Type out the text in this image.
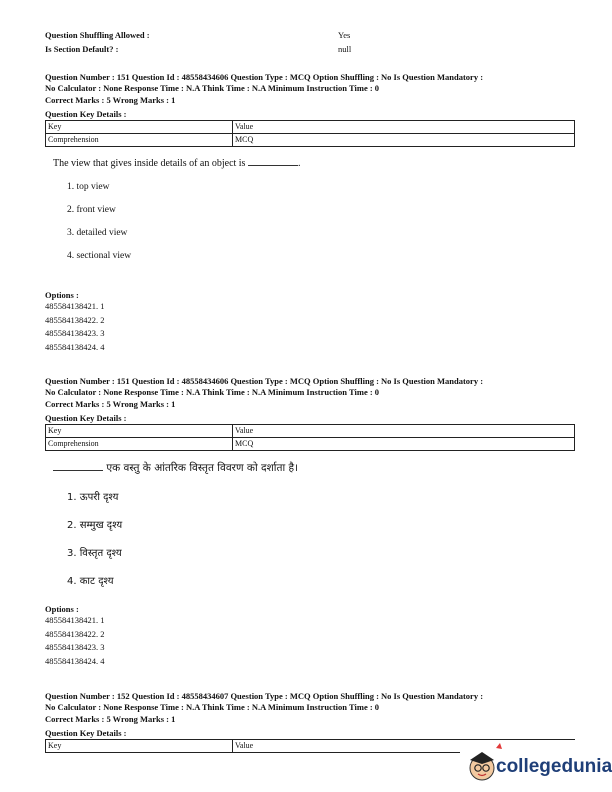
Question Shuffling Allowed :	Yes
Is Section Default? :	null
Question Number : 151 Question Id : 48558434606 Question Type : MCQ Option Shuffling : No Is Question Mandatory :
No Calculator : None Response Time : N.A Think Time : N.A Minimum Instruction Time : 0
Correct Marks : 5 Wrong Marks : 1
Question Key Details :
Key	Value
Comprehension	MCQ
The view that gives inside details of an object is	.
1. top view
2. front view
3. detailed view
4. sectional view
Options :
485584138421. 1
485584138422. 2
485584138423. 3
485584138424. 4
Question Number : 151 Question Id : 48558434606 Question Type : MCQ Option Shuffling : No Is Question Mandatory :
No Calculator : None Response Time : N.A Think Time : N.A Minimum Instruction Time : 0
Correct Marks : 5 Wrong Marks : 1
Question Key Details :
Key	Value
Comprehension	MCQ
एक वस्तु के आंतरिक विस्तृत विवरण को दर्शाता है।
1. ऊपरी दृश्य
2. सम्मुख दृश्य
3. विस्तृत दृश्य
4. काट दृश्य
Options :
485584138421. 1
485584138422. 2
485584138423. 3
485584138424. 4
Question Number : 152 Question Id : 48558434607 Question Type : MCQ Option Shuffling : No Is Question Mandatory :
No Calculator : None Response Time : N.A Think Time : N.A Minimum Instruction Time : 0
Correct Marks : 5 Wrong Marks : 1
Question Key Details :
Key	Value
collegedunia
